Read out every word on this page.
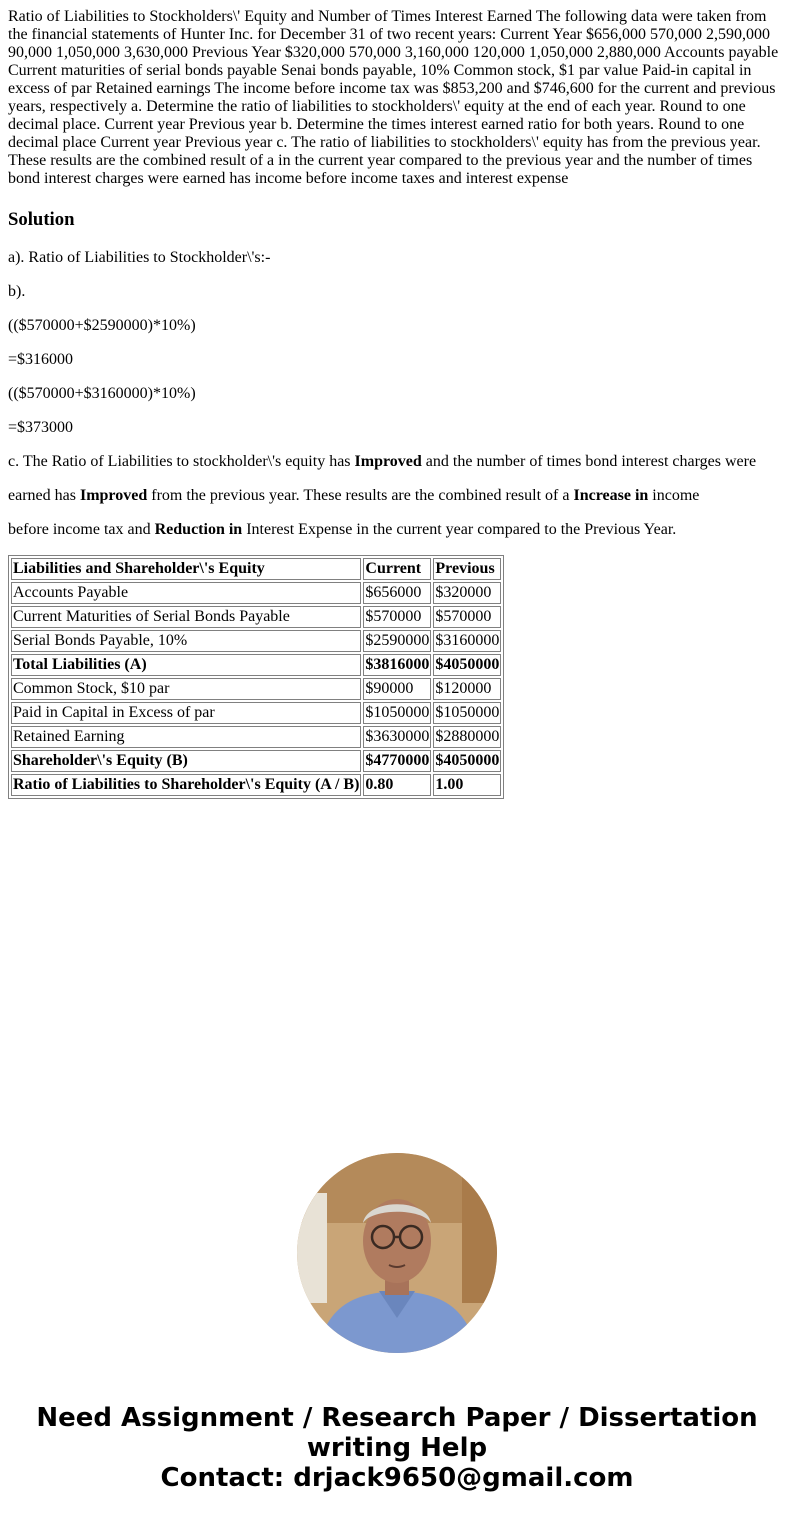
Ratio of Liabilities to Stockholders\' Equity and Number of Times Interest Earned The following data were taken from the financial statements of Hunter Inc. for December 31 of two recent years: Current Year $656,000 570,000 2,590,000 90,000 1,050,000 3,630,000 Previous Year $320,000 570,000 3,160,000 120,000 1,050,000 2,880,000 Accounts payable Current maturities of serial bonds payable Senai bonds payable, 10% Common stock, $1 par value Paid-in capital in excess of par Retained earnings The income before income tax was $853,200 and $746,600 for the current and previous years, respectively a. Determine the ratio of liabilities to stockholders\' equity at the end of each year. Round to one decimal place. Current year Previous year b. Determine the times interest earned ratio for both years. Round to one decimal place Current year Previous year c. The ratio of liabilities to stockholders\' equity has from the previous year. These results are the combined result of a in the current year compared to the previous year and the number of times bond interest charges were earned has income before income taxes and interest expense
Solution

a). Ratio of Liabilities to Stockholder\'s:-

b).

(($570000+$2590000)*10%)

=$316000

(($570000+$3160000)*10%)

=$373000

c. The Ratio of Liabilities to stockholder\'s equity has Improved and the number of times bond interest charges were

earned has Improved from the previous year. These results are the combined result of a Increase in income

before income tax and Reduction in Interest Expense in the current year compared to the Previous Year.

Liabilities and Shareholder\'s Equity	Current	Previous
Accounts Payable	$656000	$320000
Current Maturities of Serial Bonds Payable	$570000	$570000
Serial Bonds Payable, 10%	$2590000	$3160000
Total Liabilities (A)	$3816000	$4050000
Common Stock, $10 par	$90000	$120000
Paid in Capital in Excess of par	$1050000	$1050000
Retained Earning	$3630000	$2880000
Shareholder\'s Equity (B)	$4770000	$4050000
Ratio of Liabilities to Shareholder\'s Equity (A / B)	0.80	1.00
Need Assignment / Research Paper / Dissertation
writing Help
Contact: drjack9650@gmail.com
